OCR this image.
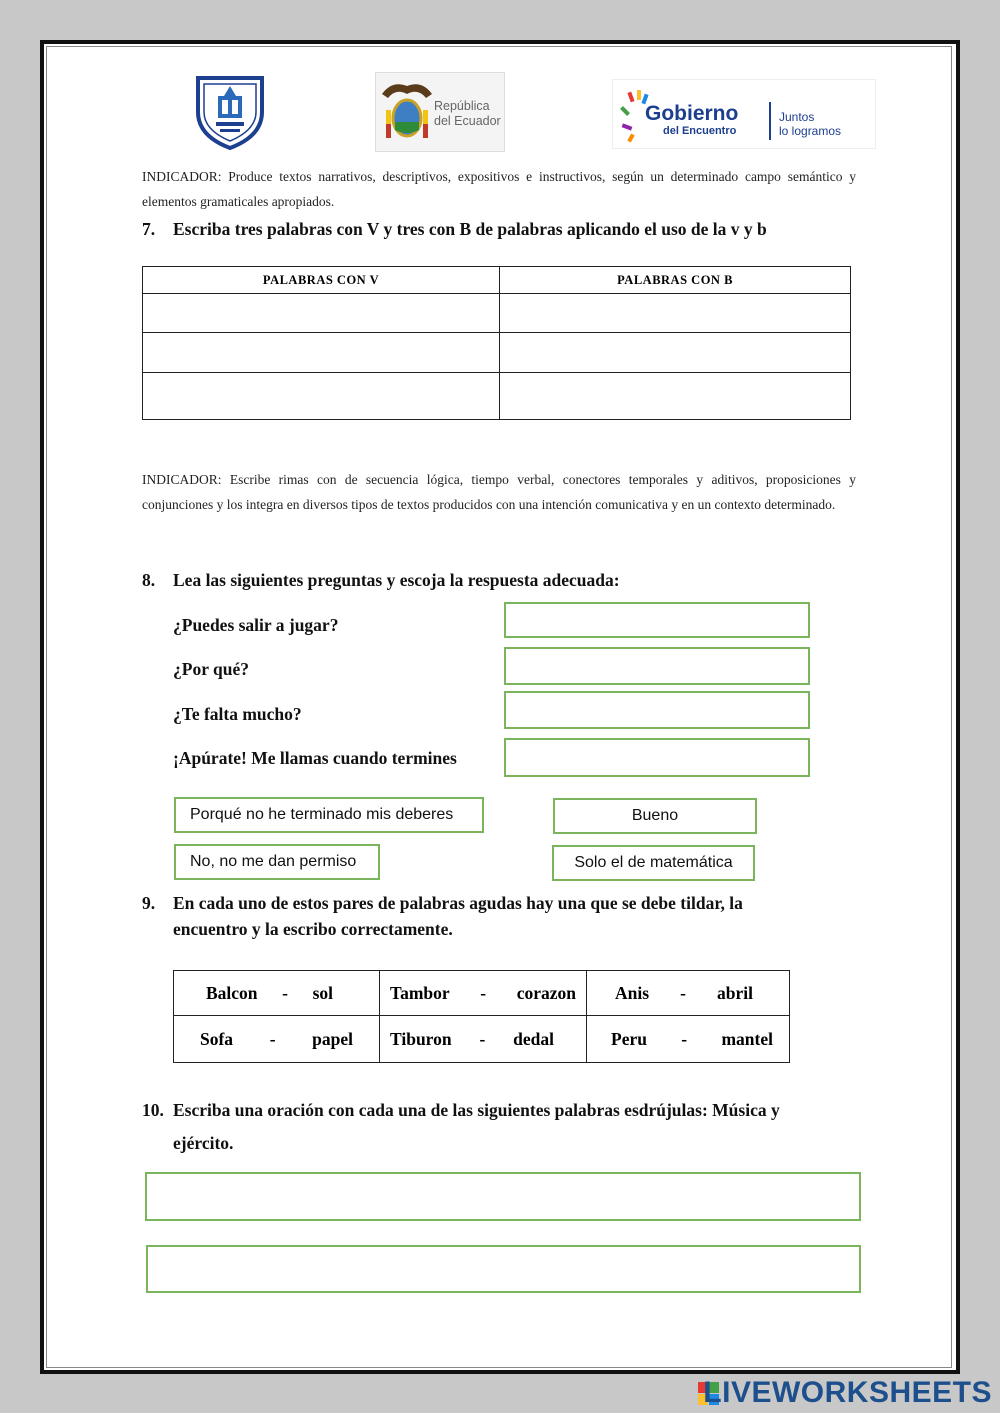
República
del Ecuador	Gobierno
del Encuentro
Juntos
lo logramos
INDICADOR: Produce textos narrativos, descriptivos, expositivos e instructivos, según un determinado campo semántico y elementos gramaticales apropiados.
7. Escriba tres palabras con V y tres con B de palabras aplicando el uso de la v y b
PALABRAS CON V	PALABRAS CON B

INDICADOR: Escribe rimas con de secuencia lógica, tiempo verbal, conectores temporales y aditivos, proposiciones y conjunciones y los integra en diversos tipos de textos producidos con una intención comunicativa y en un contexto determinado.
8. Lea las siguientes preguntas y escoja la respuesta adecuada:
¿Puedes salir a jugar?
¿Por qué?
¿Te falta mucho?
¡Apúrate! Me llamas cuando termines
Porqué no he terminado mis deberes	Bueno
No, no me dan permiso	Solo el de matemática
9. En cada uno de estos pares de palabras agudas hay una que se debe tildar, la
encuentro y la escribo correctamente.
Balcon - sol	Tambor - corazon	Anis - abril

Sofa - papel	Tiburon - dedal	Peru - mantel
10. Escriba una oración con cada una de las siguientes palabras esdrújulas: Música y
ejército.
LIVEWORKSHEETS
